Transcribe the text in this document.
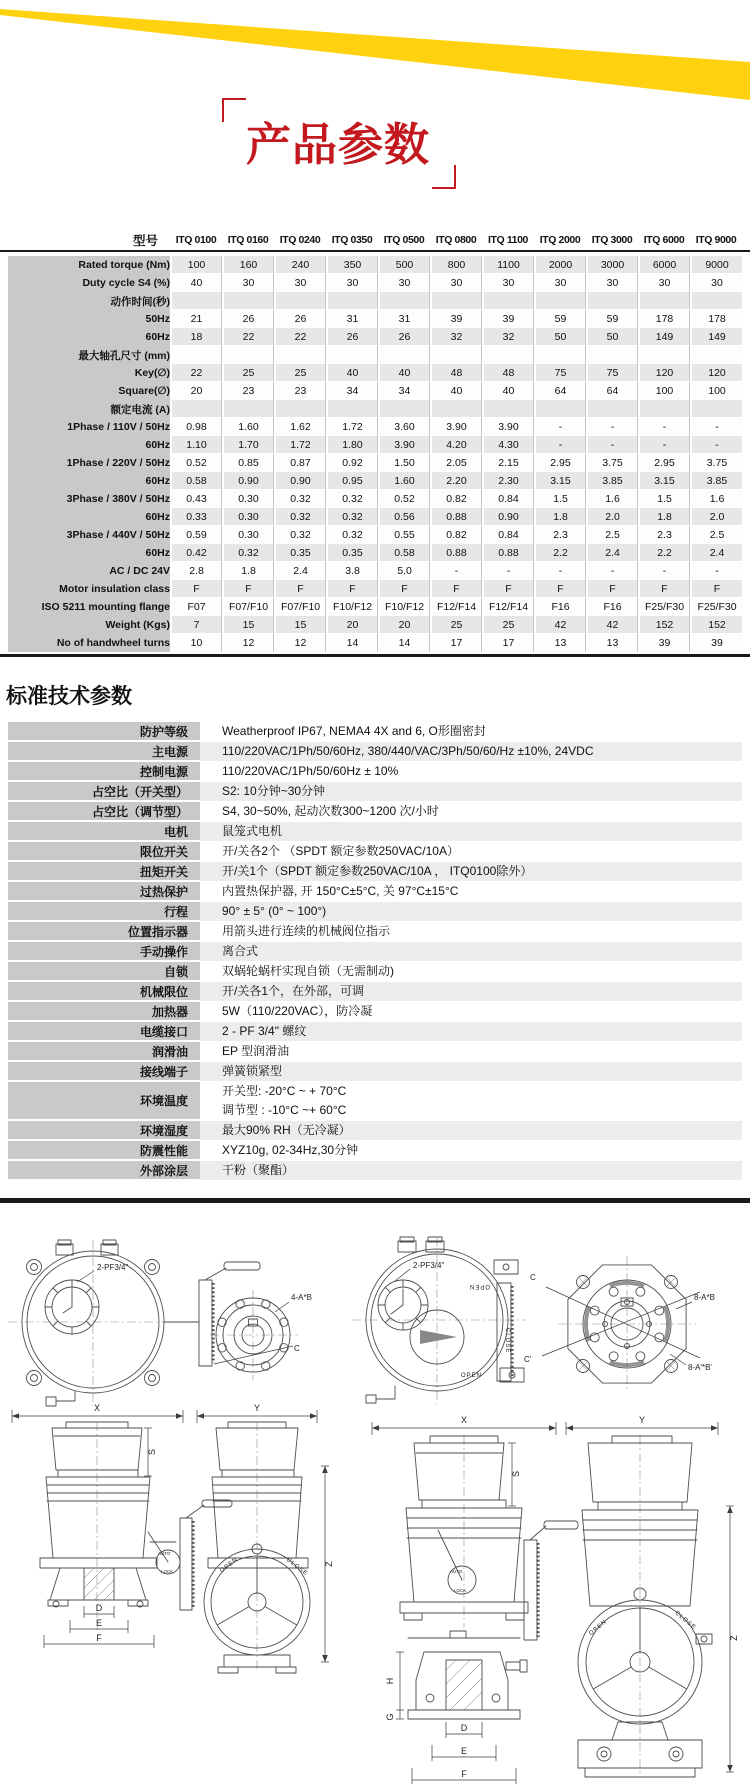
产品参数
型号	ITQ 0100	ITQ 0160	ITQ 0240	ITQ 0350	ITQ 0500	ITQ 0800	ITQ 1100	ITQ 2000	ITQ 3000	ITQ 6000	ITQ 9000
Rated torque (Nm)	100	160	240	350	500	800	1100	2000	3000	6000	9000
Duty cycle S4 (%)	40	30	30	30	30	30	30	30	30	30	30
动作时间(秒)											
50Hz	21	26	26	31	31	39	39	59	59	178	178
60Hz	18	22	22	26	26	32	32	50	50	149	149
最大轴孔尺寸 (mm)											
Key(∅)	22	25	25	40	40	48	48	75	75	120	120
Square(∅)	20	23	23	34	34	40	40	64	64	100	100
额定电流 (A)											
1Phase / 110V / 50Hz	0.98	1.60	1.62	1.72	3.60	3.90	3.90	-	-	-	-
60Hz	1.10	1.70	1.72	1.80	3.90	4.20	4.30	-	-	-	-
1Phase / 220V / 50Hz	0.52	0.85	0.87	0.92	1.50	2.05	2.15	2.95	3.75	2.95	3.75
60Hz	0.58	0.90	0.90	0.95	1.60	2.20	2.30	3.15	3.85	3.15	3.85
3Phase / 380V / 50Hz	0.43	0.30	0.32	0.32	0.52	0.82	0.84	1.5	1.6	1.5	1.6
60Hz	0.33	0.30	0.32	0.32	0.56	0.88	0.90	1.8	2.0	1.8	2.0
3Phase / 440V / 50Hz	0.59	0.30	0.32	0.32	0.55	0.82	0.84	2.3	2.5	2.3	2.5
60Hz	0.42	0.32	0.35	0.35	0.58	0.88	0.88	2.2	2.4	2.2	2.4
AC / DC 24V	2.8	1.8	2.4	3.8	5.0	-	-	-	-	-	-
Motor insulation class	F	F	F	F	F	F	F	F	F	F	F
ISO 5211 mounting flange	F07	F07/F10	F07/F10	F10/F12	F10/F12	F12/F14	F12/F14	F16	F16	F25/F30	F25/F30
Weight (Kgs)	7	15	15	20	20	25	25	42	42	152	152
No of handwheel turns	10	12	12	14	14	17	17	13	13	39	39
标准技术参数
防护等级	Weatherproof IP67, NEMA4 4X and 6, O形圈密封
主电源	110/220VAC/1Ph/50/60Hz, 380/440/VAC/3Ph/50/60/Hz ±10%, 24VDC
控制电源	110/220VAC/1Ph/50/60Hz ± 10%
占空比（开关型）	S2: 10分钟~30分钟
占空比（调节型）	S4, 30~50%, 起动次数300~1200 次/小时
电机	鼠笼式电机
限位开关	开/关各2个 （SPDT 额定参数250VAC/10A）
扭矩开关	开/关1个（SPDT 额定参数250VAC/10A ， ITQ0100除外）
过热保护	内置热保护器, 开 150°C±5°C, 关 97°C±15°C
行程	90° ± 5° (0° ~ 100°)
位置指示器	用箭头进行连续的机械阀位指示
手动操作	离合式
自锁	双蜗轮蜗杆实现自锁（无需制动)
机械限位	开/关各1个，在外部，可调
加热器	5W（110/220VAC），防冷凝
电缆接口	2 - PF 3/4" 螺纹
润滑油	EP 型润滑油
接线端子	弹簧锁紧型
环境温度
开关型: -20°C ~ + 70°C
调节型 : -10°C ~+ 60°C
环境湿度	最大90% RH（无冷凝）
防震性能	XYZ10g, 02-34Hz,30分钟
外部涂层	干粉（聚酯）
2-PF3/4"
C
4-A*B
OPEN
CLOSE
OPEN
2-PF3/4"
C
C'
8-A*B
8-A'*B'
X
S
D
E
F
AUTO
LOCK
Y
OPEN	CLOSE Z
X
S
AUTO
LOCK
H
G
D
E
F
Y
OPEN	CLOSE
Z
